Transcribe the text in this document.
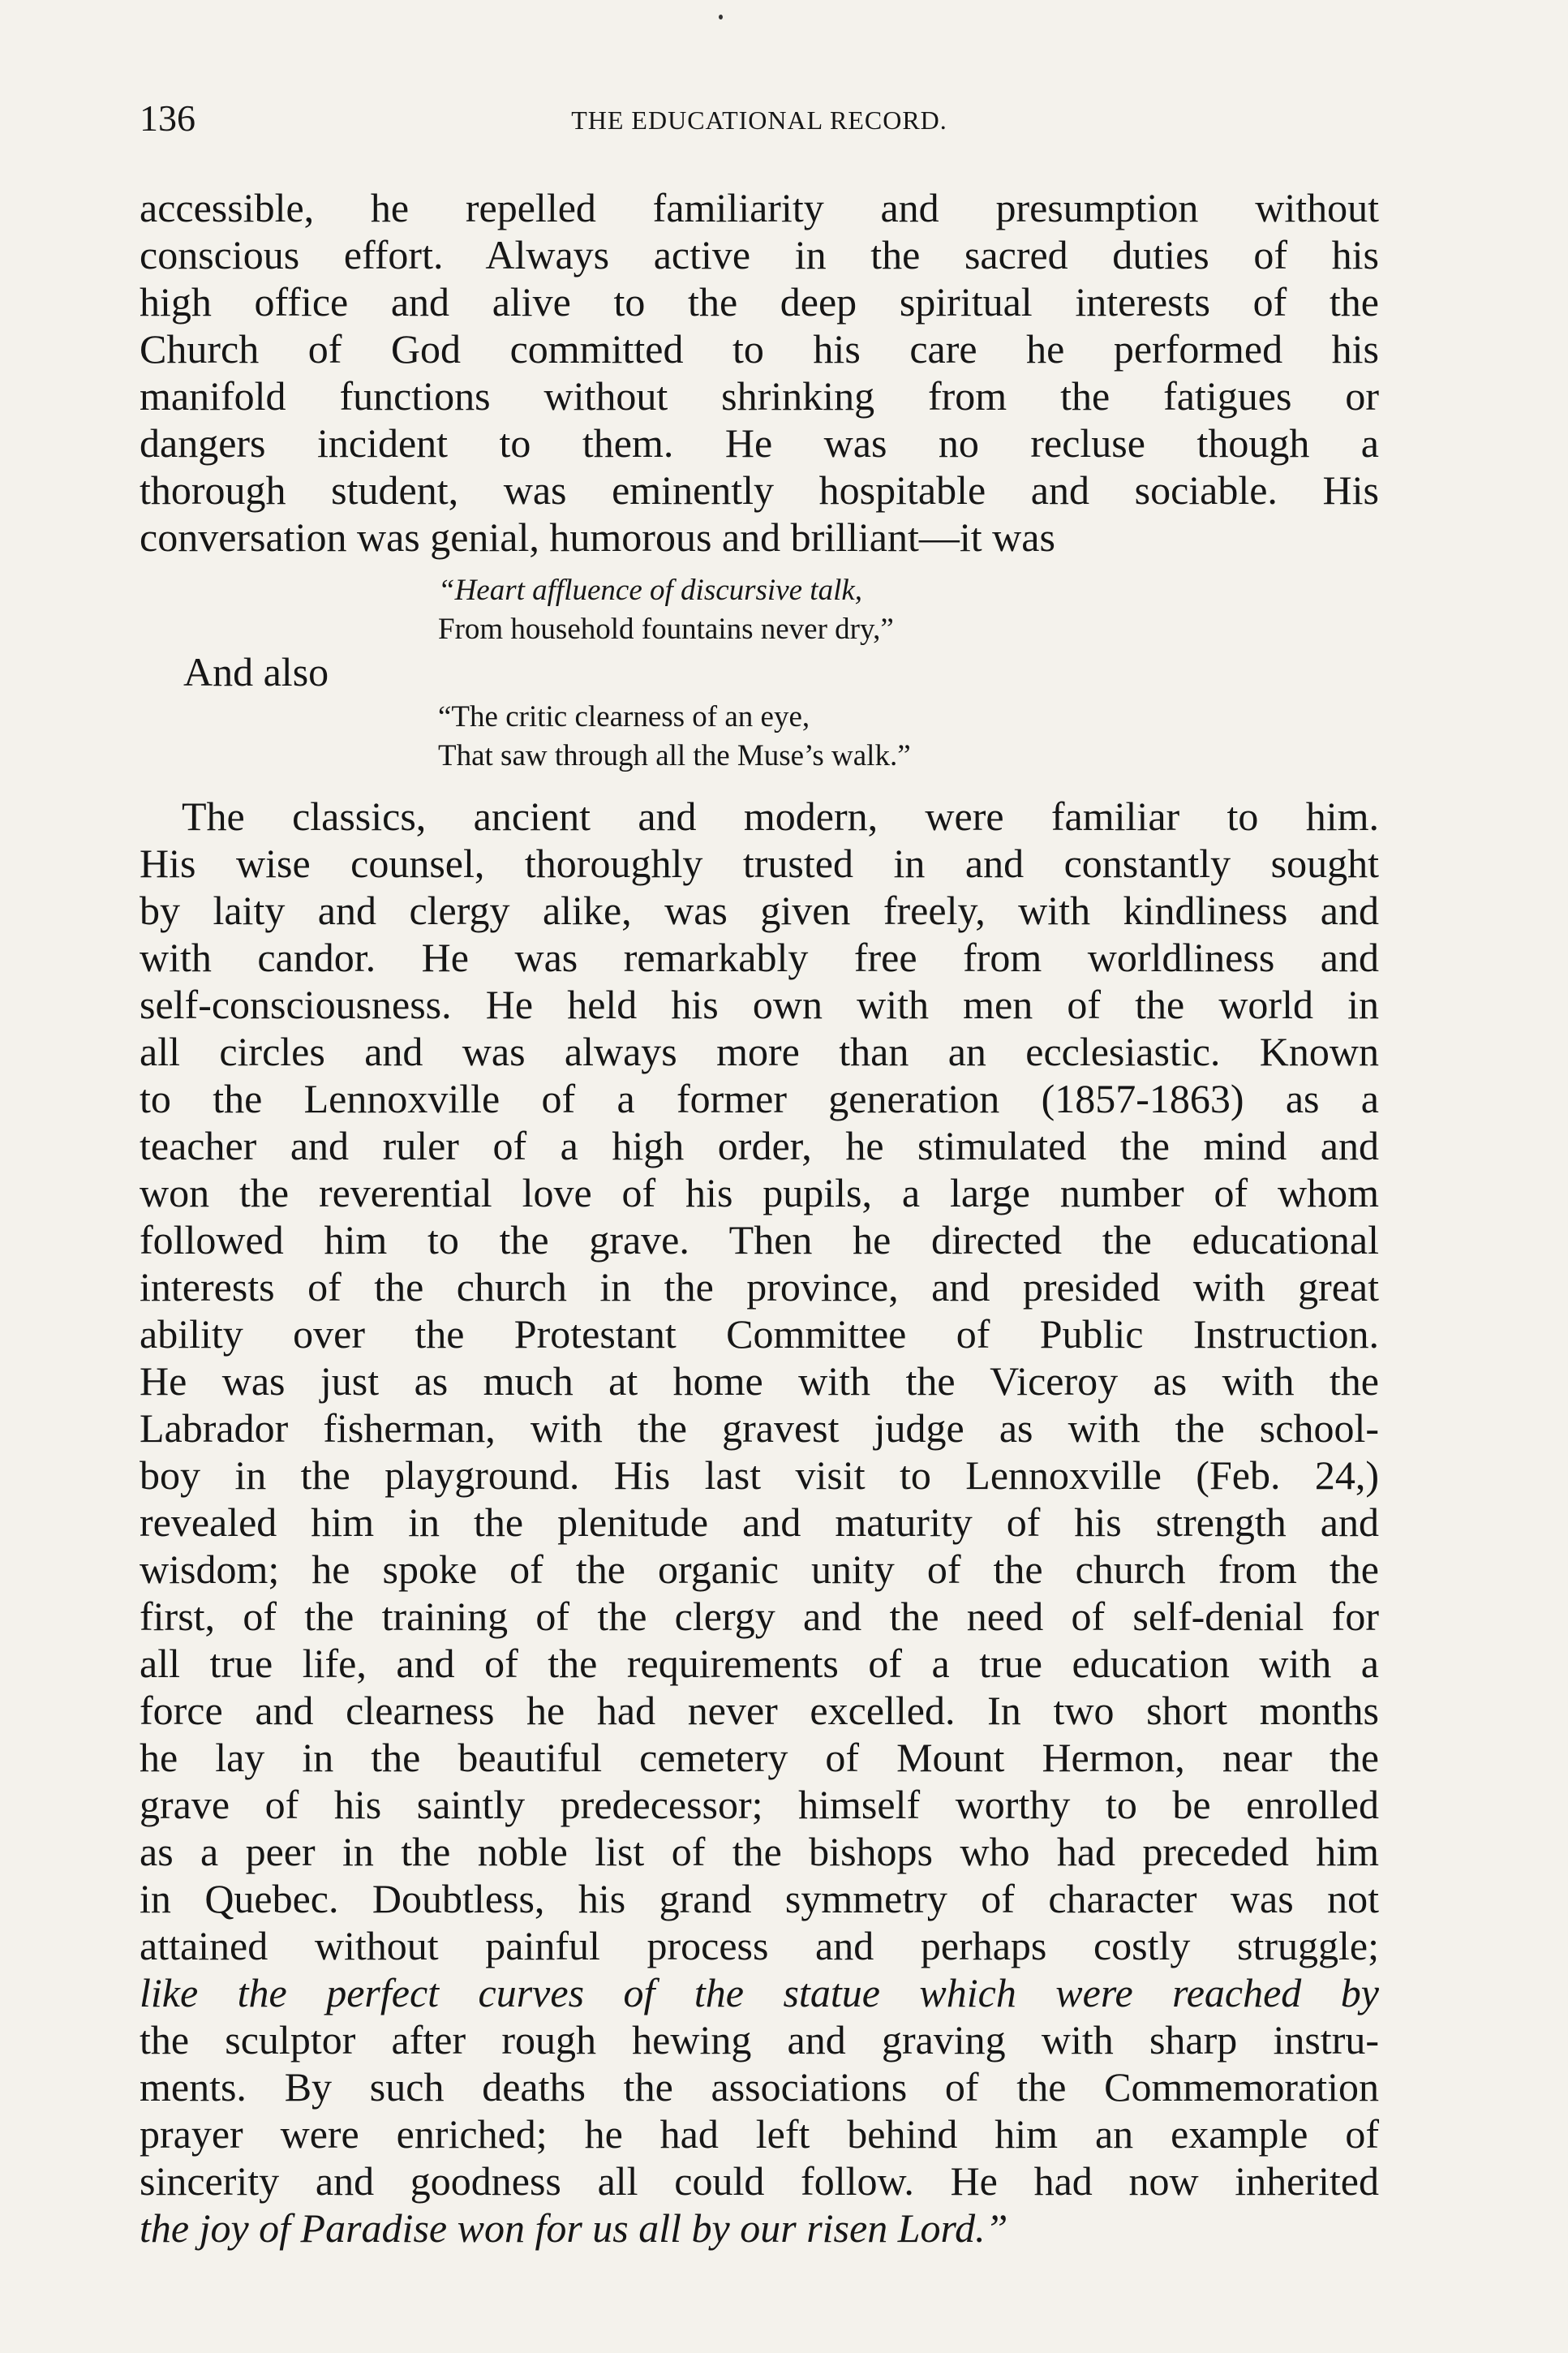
136	THE EDUCATIONAL RECORD.
accessible, he repelled familiarity and presumption without
conscious effort. Always active in the sacred duties of his
high office and alive to the deep spiritual interests of the
Church of God committed to his care he performed his
manifold functions without shrinking from the fatigues or
dangers incident to them. He was no recluse though a
thorough student, was eminently hospitable and sociable. His
conversation was genial, humorous and brilliant—it was
“Heart affluence of discursive talk,
From household fountains never dry,”
And also
“The critic clearness of an eye,
That saw through all the Muse’s walk.”
The classics, ancient and modern, were familiar to him.
His wise counsel, thoroughly trusted in and constantly sought
by laity and clergy alike, was given freely, with kindliness and
with candor. He was remarkably free from worldliness and
self-consciousness. He held his own with men of the world in
all circles and was always more than an ecclesiastic. Known
to the Lennoxville of a former generation (1857-1863) as a
teacher and ruler of a high order, he stimulated the mind and
won the reverential love of his pupils, a large number of whom
followed him to the grave. Then he directed the educational
interests of the church in the province, and presided with great
ability over the Protestant Committee of Public Instruction.
He was just as much at home with the Viceroy as with the
Labrador fisherman, with the gravest judge as with the school-
boy in the playground. His last visit to Lennoxville (Feb. 24,)
revealed him in the plenitude and maturity of his strength and
wisdom; he spoke of the organic unity of the church from the
first, of the training of the clergy and the need of self-denial for
all true life, and of the requirements of a true education with a
force and clearness he had never excelled. In two short months
he lay in the beautiful cemetery of Mount Hermon, near the
grave of his saintly predecessor; himself worthy to be enrolled
as a peer in the noble list of the bishops who had preceded him
in Quebec. Doubtless, his grand symmetry of character was not
attained without painful process and perhaps costly struggle;
like the perfect curves of the statue which were reached by
the sculptor after rough hewing and graving with sharp instru-
ments. By such deaths the associations of the Commemoration
prayer were enriched; he had left behind him an example of
sincerity and goodness all could follow. He had now inherited
the joy of Paradise won for us all by our risen Lord.”
